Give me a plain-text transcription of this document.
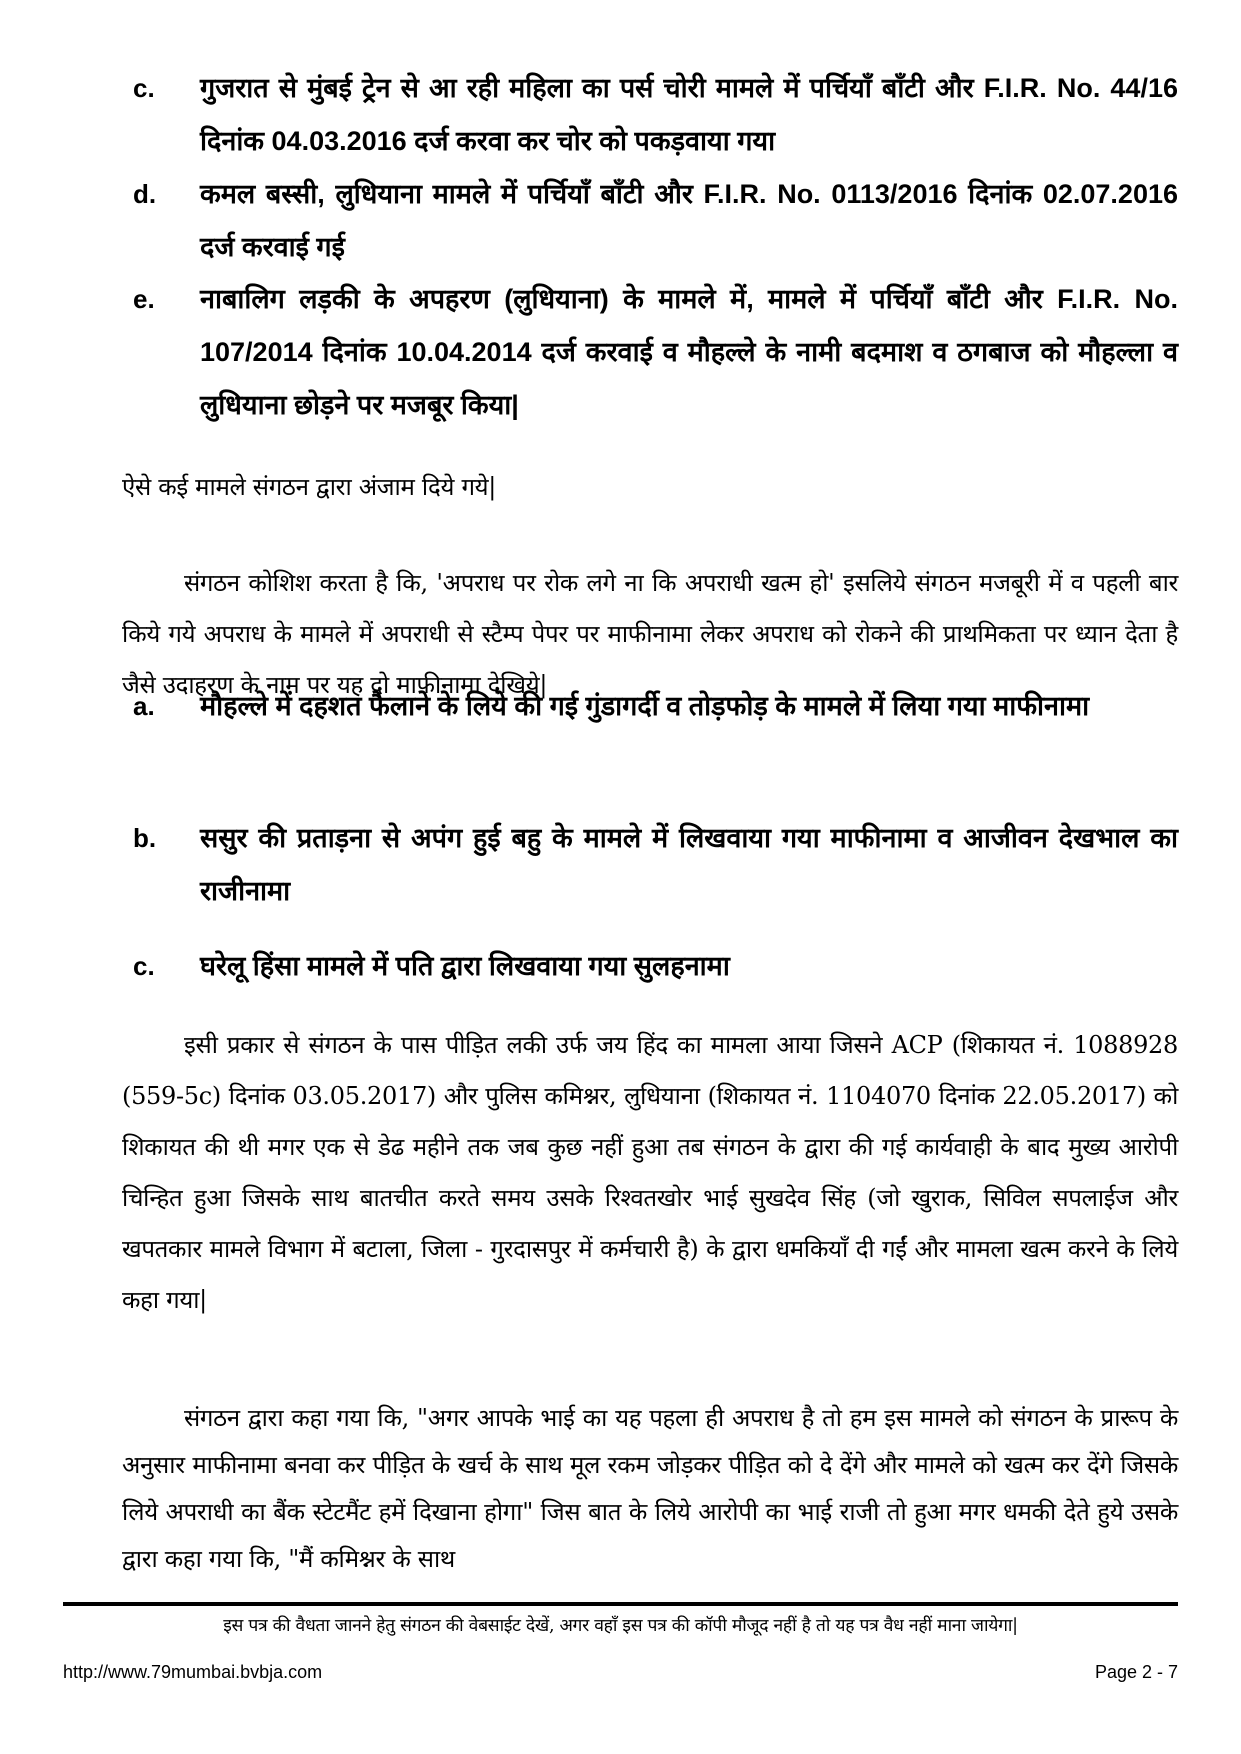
c.	गुजरात से मुंबई ट्रेन से आ रही महिला का पर्स चोरी मामले में पर्चियाँ बाँटी और F.I.R. No. 44/16 दिनांक 04.03.2016 दर्ज करवा कर चोर को पकड़वाया गया
d.	कमल बस्सी, लुधियाना मामले में पर्चियाँ बाँटी और F.I.R. No. 0113/2016 दिनांक 02.07.2016 दर्ज करवाई गई
e.	नाबालिग लड़की के अपहरण (लुधियाना) के मामले में, मामले में पर्चियाँ बाँटी और F.I.R. No. 107/2014 दिनांक 10.04.2014 दर्ज करवाई व मौहल्ले के नामी बदमाश व ठगबाज को मौहल्ला व लुधियाना छोड़ने पर मजबूर किया|
ऐसे कई मामले संगठन द्वारा अंजाम दिये गये|
संगठन कोशिश करता है कि, 'अपराध पर रोक लगे ना कि अपराधी खत्म हो' इसलिये संगठन मजबूरी में व पहली बार किये गये अपराध के मामले में अपराधी से स्टैम्प पेपर पर माफीनामा लेकर अपराध को रोकने की प्राथमिकता पर ध्यान देता है जैसे उदाहरण के नाम पर यह दो माफीनामा देखिये|
a.	मौहल्ले में दहशत फैलाने के लिये की गई गुंडागर्दी व तोड़फोड़ के मामले में लिया गया माफीनामा
b.	ससुर की प्रताड़ना से अपंग हुई बहु के मामले में लिखवाया गया माफीनामा व आजीवन देखभाल का राजीनामा
c.	घरेलू हिंसा मामले में पति द्वारा लिखवाया गया सुलहनामा
इसी प्रकार से संगठन के पास पीड़ित लकी उर्फ जय हिंद का मामला आया जिसने ACP (शिकायत नं. 1088928 (559-5c) दिनांक 03.05.2017) और पुलिस कमिश्नर, लुधियाना (शिकायत नं. 1104070 दिनांक 22.05.2017) को शिकायत की थी मगर एक से डेढ महीने तक जब कुछ नहीं हुआ तब संगठन के द्वारा की गई कार्यवाही के बाद मुख्य आरोपी चिन्हित हुआ जिसके साथ बातचीत करते समय उसके रिश्वतखोर भाई सुखदेव सिंह (जो खुराक, सिविल सपलाईज और खपतकार मामले विभाग में बटाला, जिला - गुरदासपुर में कर्मचारी है) के द्वारा धमकियाँ दी गईं और मामला खत्म करने के लिये कहा गया|
संगठन द्वारा कहा गया कि, "अगर आपके भाई का यह पहला ही अपराध है तो हम इस मामले को संगठन के प्रारूप के अनुसार माफीनामा बनवा कर पीड़ित के खर्च के साथ मूल रकम जोड़कर पीड़ित को दे देंगे और मामले को खत्म कर देंगे जिसके लिये अपराधी का बैंक स्टेटमैंट हमें दिखाना होगा" जिस बात के लिये आरोपी का भाई राजी तो हुआ मगर धमकी देते हुये उसके द्वारा कहा गया कि, "मैं कमिश्नर के साथ
इस पत्र की वैधता जानने हेतु संगठन की वेबसाईट देखें, अगर वहाँ इस पत्र की कॉपी मौजूद नहीं है तो यह पत्र वैध नहीं माना जायेगा|
http://www.79mumbai.bvbja.com	Page 2 - 7
